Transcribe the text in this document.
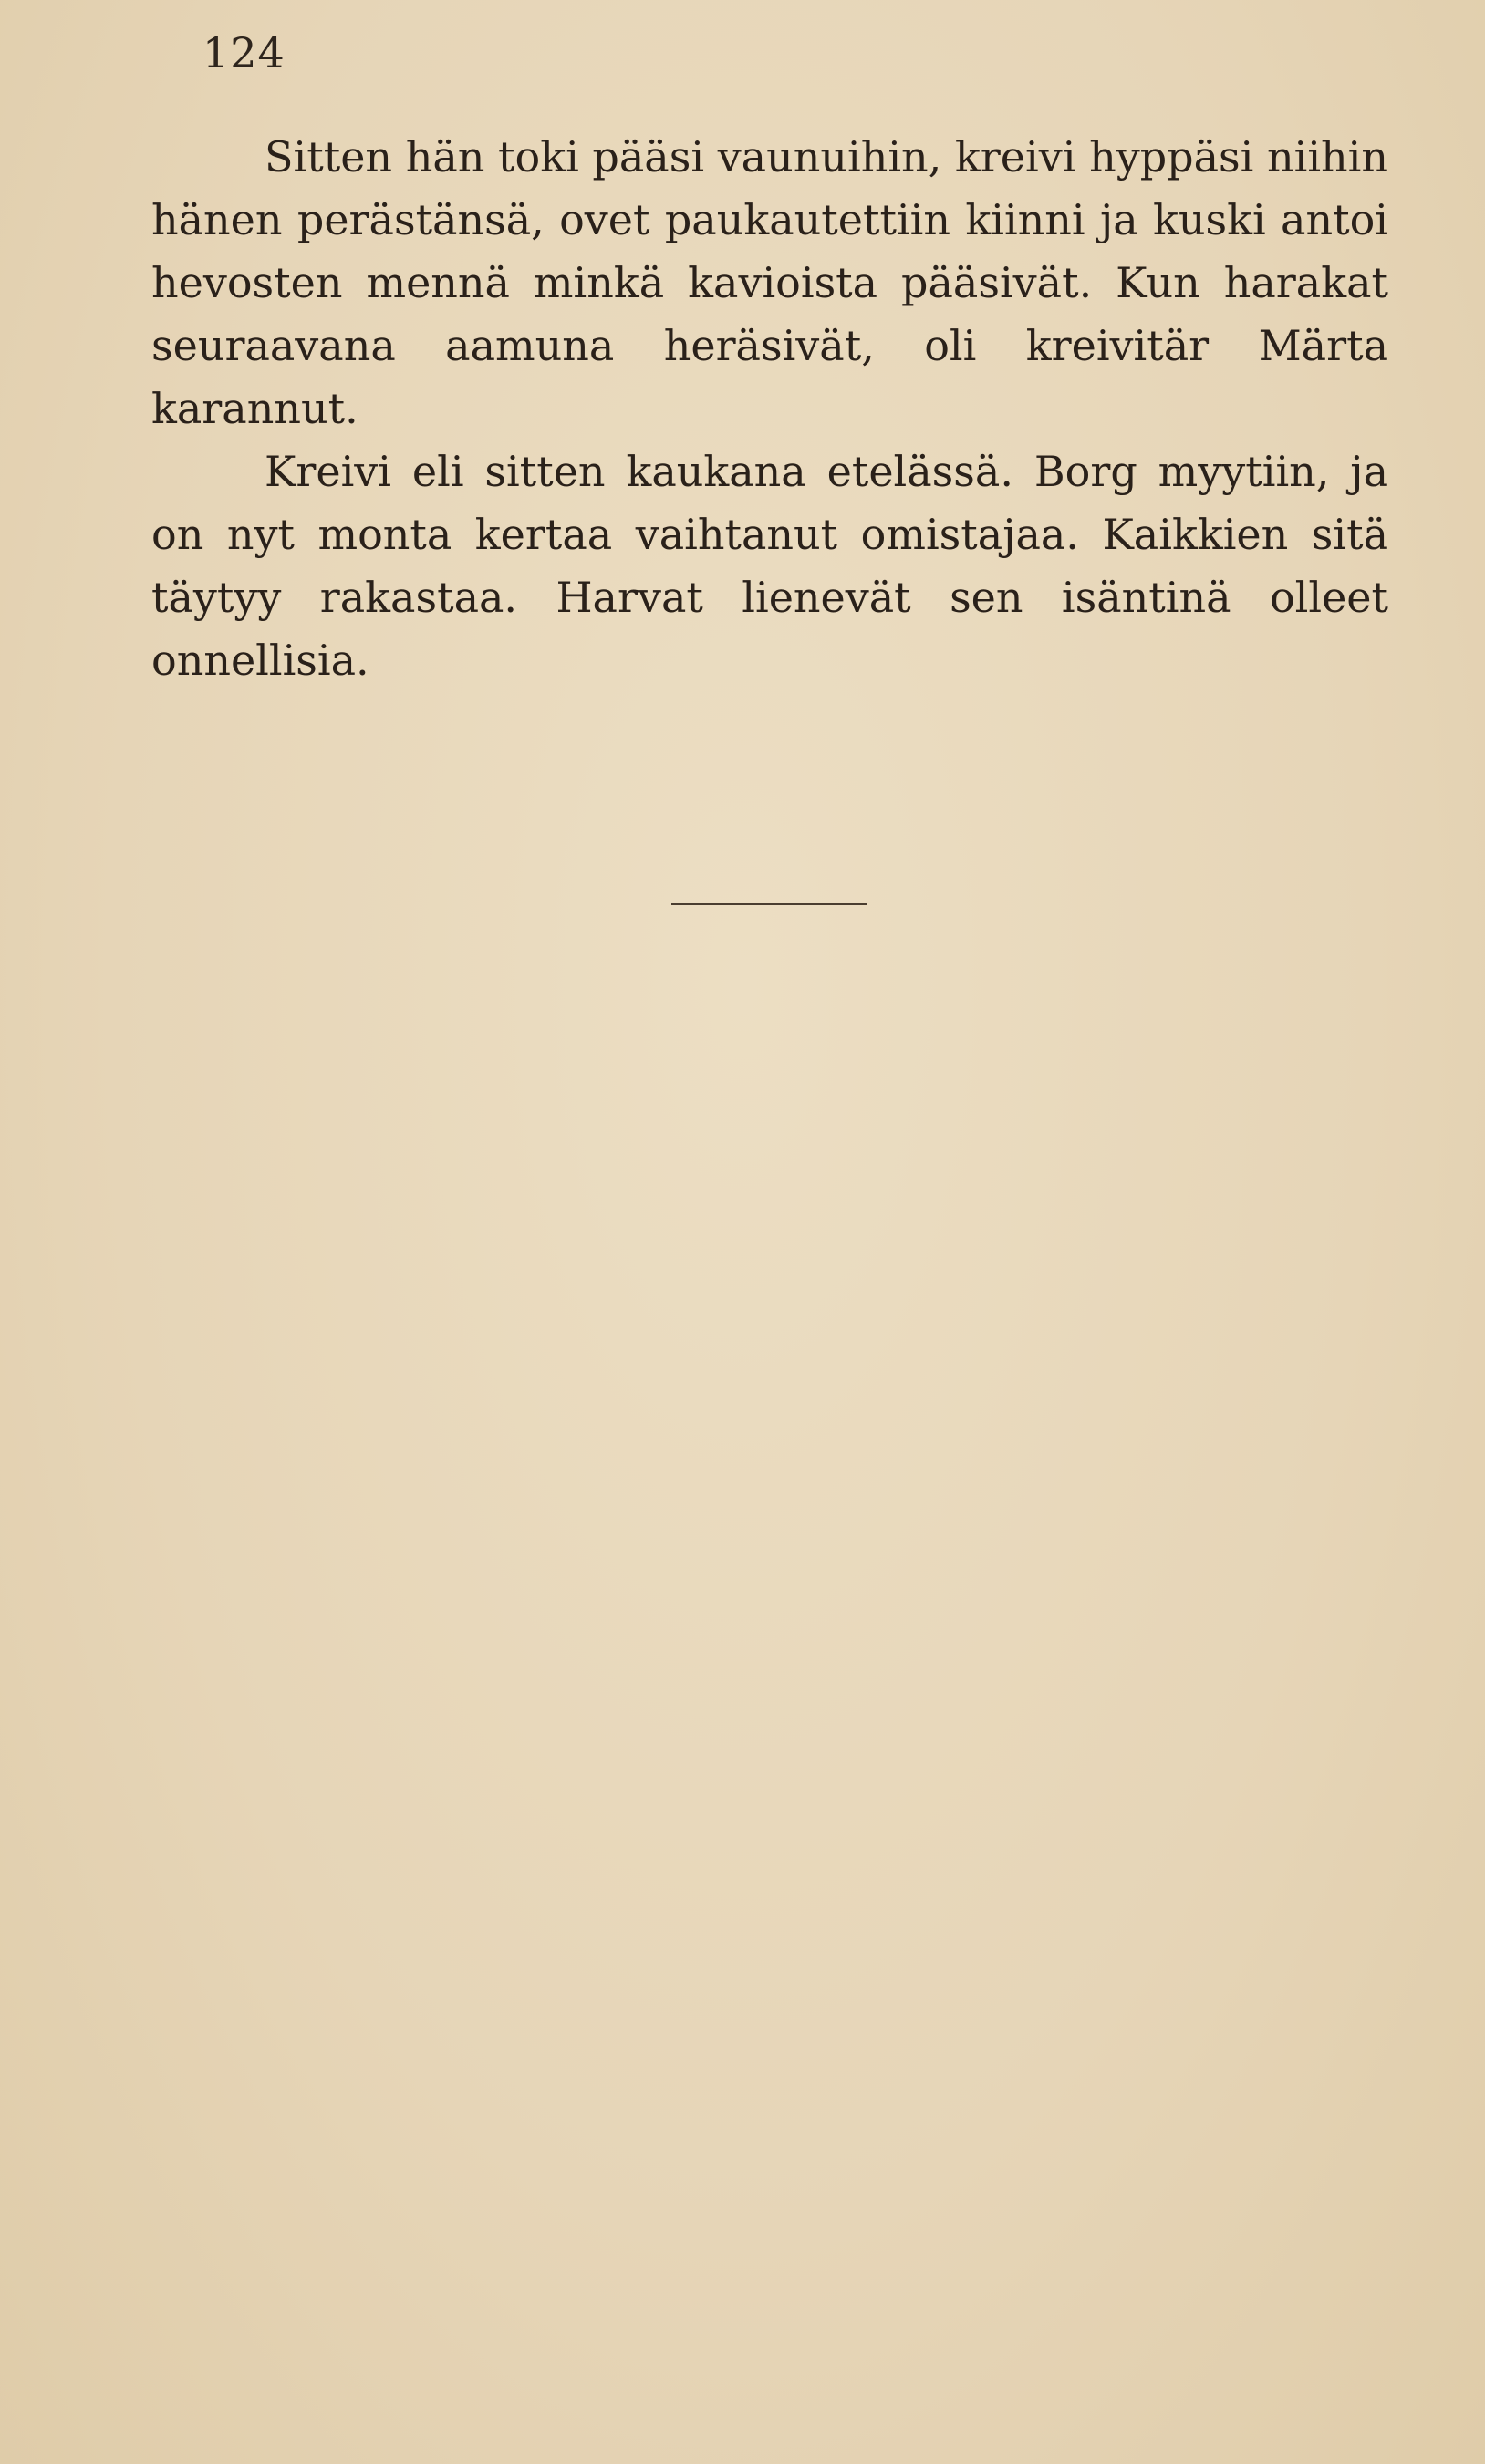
124

Sitten hän toki pääsi vaunuihin, kreivi hyppäsi niihin hänen perästänsä, ovet paukautettiin kiinni ja kuski antoi hevosten mennä minkä kavioista pääsivät. Kun harakat seuraavana aamuna heräsivät, oli kreivitär Märta karannut.

Kreivi eli sitten kaukana etelässä. Borg myytiin, ja on nyt monta kertaa vaihtanut omistajaa. Kaikkien sitä täytyy rakastaa. Harvat lienevät sen isäntinä olleet onnellisia.
